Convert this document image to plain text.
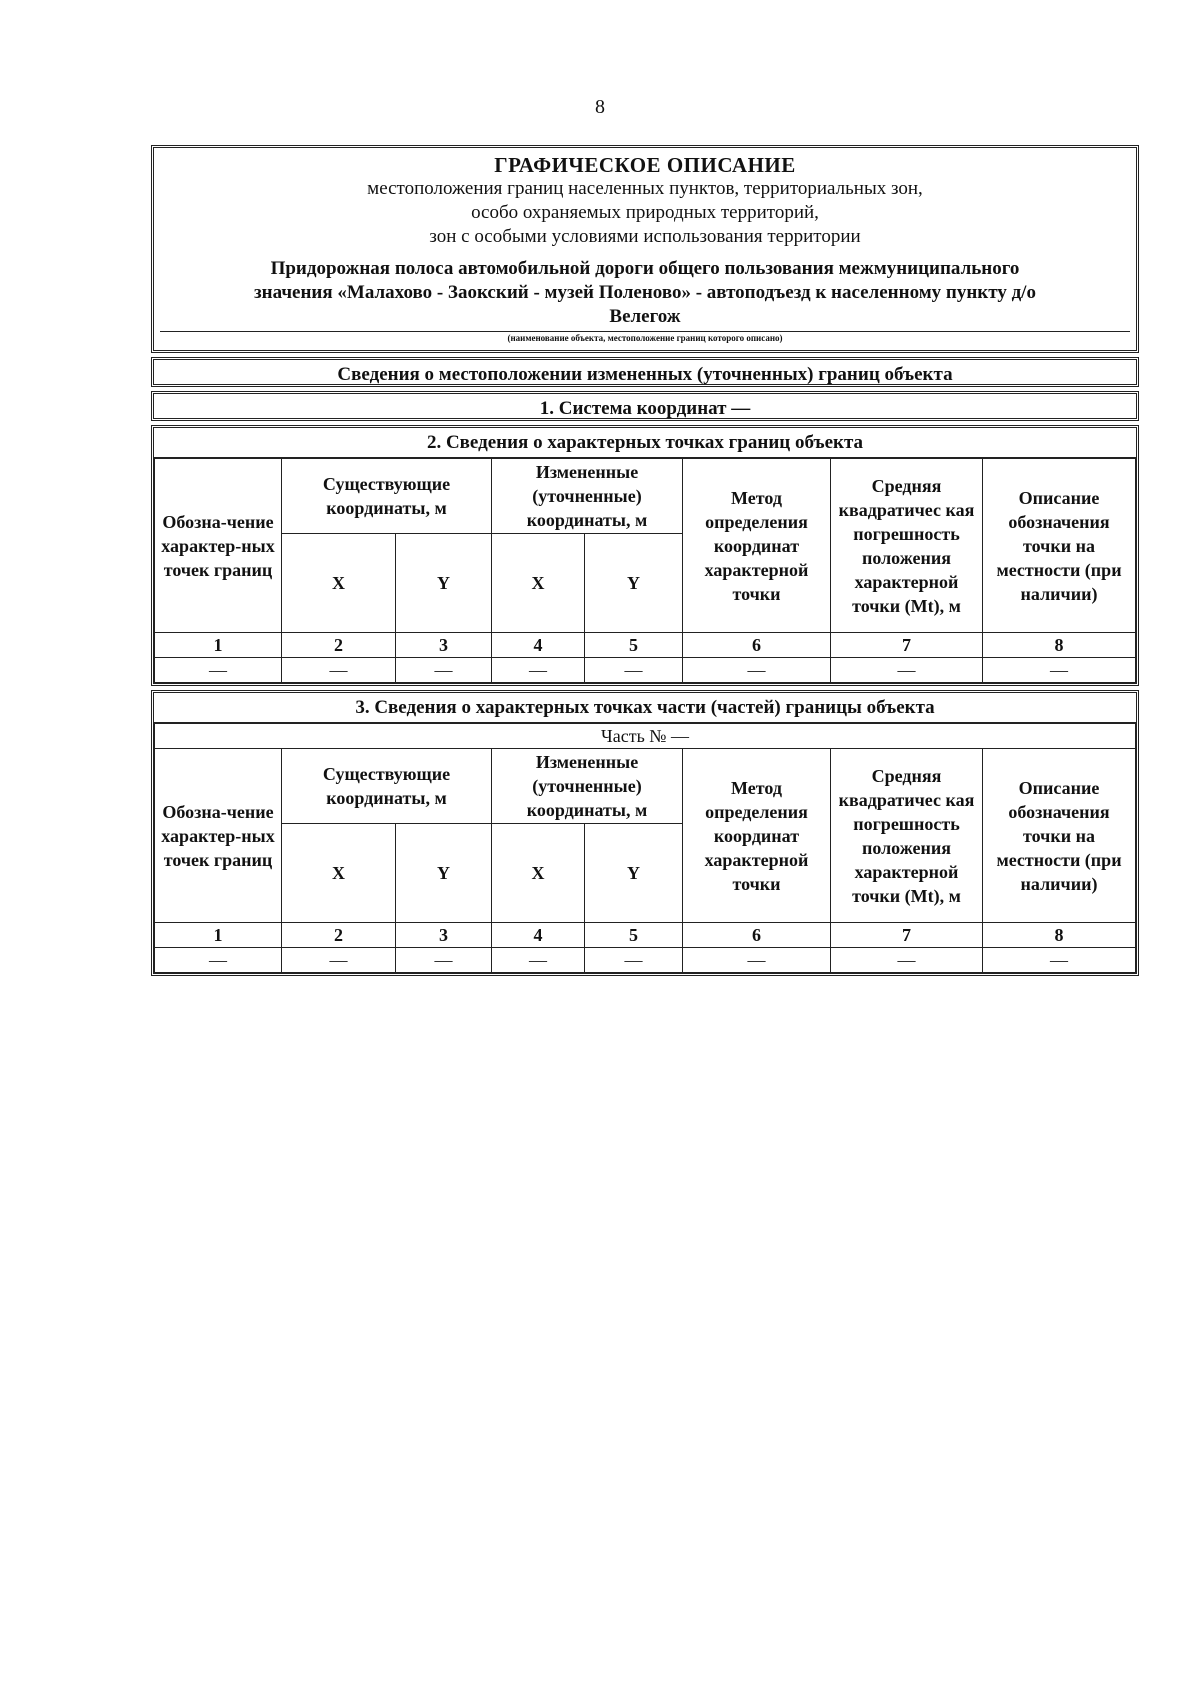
8
ГРАФИЧЕСКОЕ ОПИСАНИЕ
местоположения границ населенных пунктов, территориальных зон,
особо охраняемых природных территорий,
зон с особыми условиями использования территории
Придорожная полоса автомобильной дороги общего пользования межмуниципального
значения «Малахово - Заокский - музей Поленово» - автоподъезд к населенному пункту д/о
Велегож
(наименование объекта, местоположение границ которого описано)
Сведения о местоположении измененных (уточненных) границ объекта
1. Система координат —
2. Сведения о характерных точках границ объекта
Обозна-чение характер-ных точек границ	Существующие координаты, м		Измененные (уточненные) координаты, м		Метод определения координат характерной точки	Средняя квадратичес кая погрешность положения характерной точки (Mt), м	Описание обозначения точки на местности (при наличии)
	X	Y	X	Y			
1	2	3	4	5	6	7	8
—	—	—	—	—	—	—	—
3. Сведения о характерных точках части (частей) границы объекта
Часть № —							
Обозна-чение характер-ных точек границ	Существующие координаты, м		Измененные (уточненные) координаты, м		Метод определения координат характерной точки	Средняя квадратичес кая погрешность положения характерной точки (Mt), м	Описание обозначения точки на местности (при наличии)
	X	Y	X	Y			
1	2	3	4	5	6	7	8
—	—	—	—	—	—	—	—
